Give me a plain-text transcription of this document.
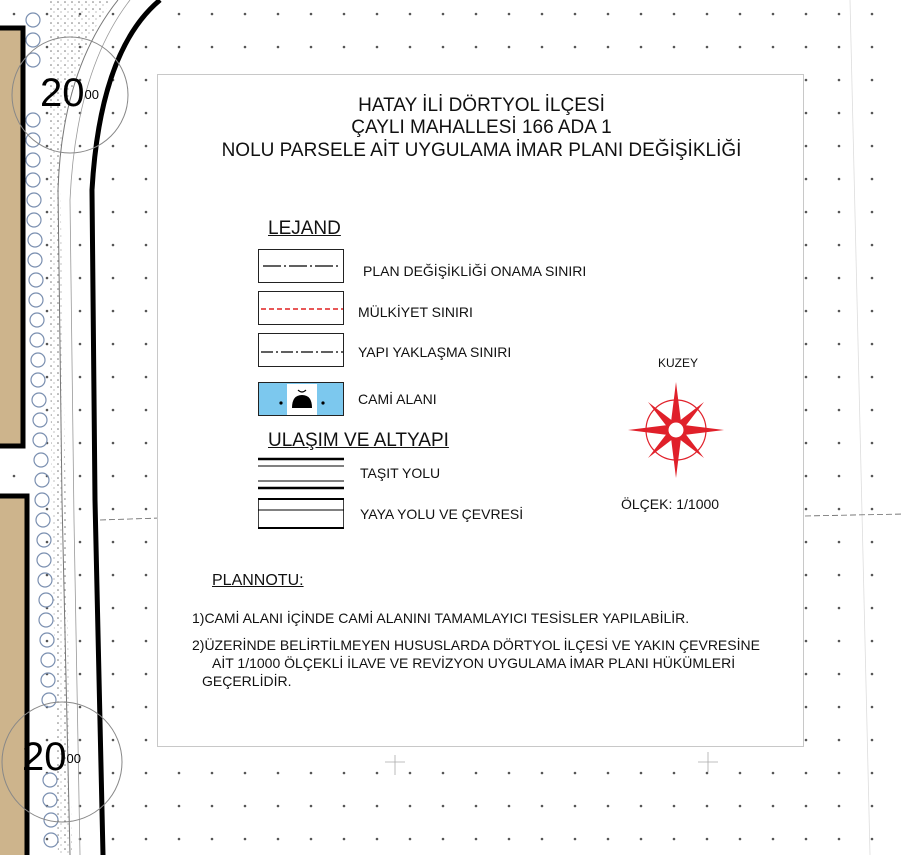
$20^{00}$
$20^{00}$
HATAY İLİ DÖRTYOL İLÇESİ
ÇAYLI MAHALLESİ 166 ADA 1
NOLU PARSELE AİT UYGULAMA İMAR PLANI DEĞİŞİKLİĞİ
LEJAND
PLAN DEĞİŞİKLİĞİ ONAMA SINIRI
MÜLKİYET SINIRI
YAPI YAKLAŞMA SINIRI
CAMİ ALANI
ULAŞIM VE ALTYAPI
TAŞIT YOLU
YAYA YOLU VE ÇEVRESİ
KUZEY
ÖLÇEK: 1/1000
PLANNOTU:
1)CAMİ ALANI İÇİNDE CAMİ ALANINI TAMAMLAYICI TESİSLER YAPILABİLİR.
2)ÜZERİNDE BELİRTİLMEYEN HUSUSLARDA DÖRTYOL İLÇESİ VE YAKIN ÇEVRESİNE
AİT 1/1000 ÖLÇEKLİ İLAVE VE REVİZYON UYGULAMA İMAR PLANI HÜKÜMLERİ
GEÇERLİDİR.
